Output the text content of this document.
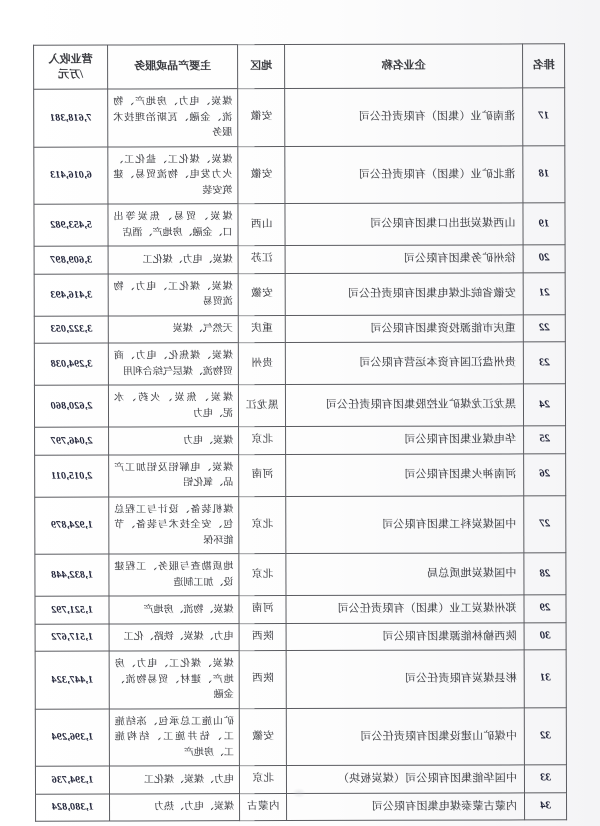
排名	企业名称	地区	主要产品或服务	营业收入
/万元

17	淮南矿业（集团）有限责任公司	安徽	煤炭、电力、房地产、物流、金融、瓦斯治理技术服务	7,618,381
18	淮北矿业（集团）有限责任公司	安徽	煤炭、煤化工、盐化工、火力发电、物流贸易、建筑安装	6,016,413
19	山西煤炭进出口集团有限公司	山西	煤炭、贸易、焦炭等出口、金融、房地产、酒店	5,453,982
20	徐州矿务集团有限公司	江苏	煤炭、电力、煤化工	3,609,897
21	安徽省皖北煤电集团有限责任公司	安徽	煤炭、煤化工、电力、物流贸易	3,416,493
22	重庆市能源投资集团有限公司	重庆	天然气、煤炭	3,322,053
23	贵州盘江国有资本运营有限公司	贵州	煤炭、煤焦化、电力、商贸物流、煤层气综合利用	3,294,038
24	黑龙江龙煤矿业控股集团有限责任公司	黑龙江	煤炭、焦炭、火药、水泥、电力	2,620,860
25	华电煤业集团有限公司	北京	煤炭、电力	2,046,797
26	河南神火集团有限公司	河南	煤炭、电解铝及铝加工产品、氧化铝	2,015,011
27	中国煤炭科工集团有限公司	北京	煤机装备、设计与工程总包、安全技术与装备、节能环保	1,924,879
28	中国煤炭地质总局	北京	地质勘查与服务、工程建设、加工制造	1,832,448
29	郑州煤炭工业（集团）有限责任公司	河南	煤炭、物流、房地产	1,521,792
30	陕西榆林能源集团有限公司	陕西	电力、煤炭、铁路、化工	1,517,672
31	彬县煤炭有限责任公司	陕西	煤炭、煤化工、电力、房地产、建材、贸易物流、金融	1,447,324
32	中煤矿山建设集团有限责任公司	安徽	矿山施工总承包、冻结施工、钻井施工、结构施工、房地产	1,396,294
33	中国华能集团有限公司（煤炭板块）	北京	电力、煤炭、煤化工	1,394,736
34	内蒙古蒙泰煤电集团有限公司	内蒙古	煤炭、电力、热力	1,380,824
